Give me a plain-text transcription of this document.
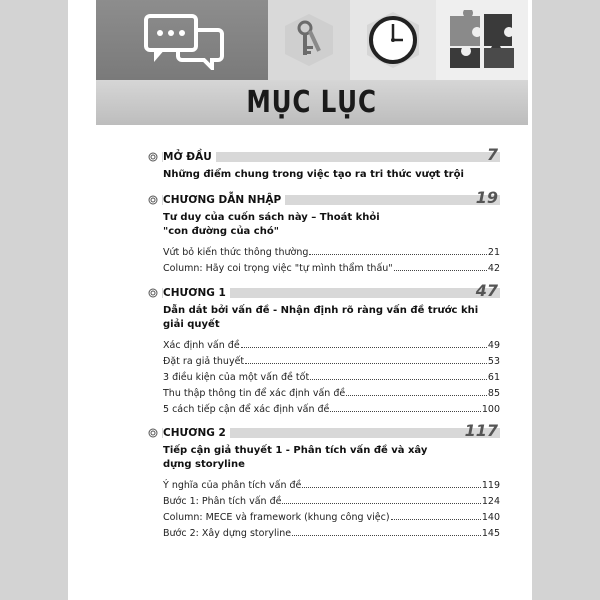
MỤC LỤC
MỞ ĐẦU	7
Những điểm chung trong việc tạo ra tri thức vượt trội
CHƯƠNG DẪN NHẬP	19
Tư duy của cuốn sách này – Thoát khỏi
"con đường của chó"
Vứt bỏ kiến thức thông thường	21
Column: Hãy coi trọng việc "tự mình thẩm thấu"	42
CHƯƠNG 1	47
Dẫn dắt bởi vấn đề - Nhận định rõ ràng vấn đề trước khi
giải quyết
Xác định vấn đề	49
Đặt ra giả thuyết	53
3 điều kiện của một vấn đề tốt	61
Thu thập thông tin để xác định vấn đề	85
5 cách tiếp cận để xác định vấn đề	100
CHƯƠNG 2	117
Tiếp cận giả thuyết 1 - Phân tích vấn đề và xây
dựng storyline
Ý nghĩa của phân tích vấn đề	119
Bước 1: Phân tích vấn đề	124
Column: MECE và framework (khung công việc)	140
Bước 2: Xây dựng storyline	145
